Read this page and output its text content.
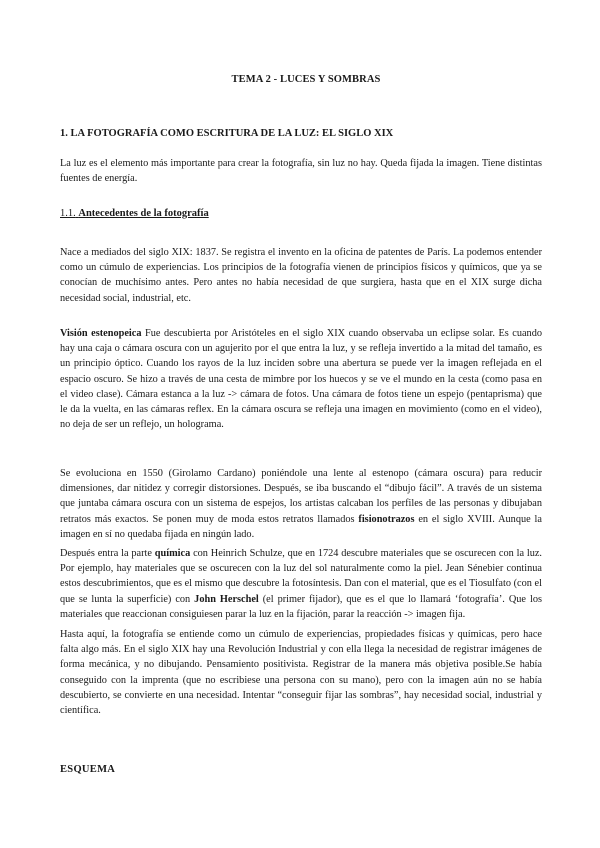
TEMA 2 - LUCES Y SOMBRAS
1. LA FOTOGRAFÍA COMO ESCRITURA DE LA LUZ: EL SIGLO XIX
La luz es el elemento más importante para crear la fotografía, sin luz no hay. Queda fijada la imagen. Tiene distintas fuentes de energía.
1.1. Antecedentes de la fotografía
Nace a mediados del siglo XIX: 1837. Se registra el invento en la oficina de patentes de París. La podemos entender como un cúmulo de experiencias. Los principios de la fotografía vienen de principios físicos y químicos, que ya se conocían de muchísimo antes. Pero antes no había necesidad de que surgiera, hasta que en el XIX surge dicha necesidad social, industrial, etc.
Visión estenopeica Fue descubierta por Aristóteles en el siglo XIX cuando observaba un eclipse solar. Es cuando hay una caja o cámara oscura con un agujerito por el que entra la luz, y se refleja invertido a la mitad del tamaño, es un principio óptico. Cuando los rayos de la luz inciden sobre una abertura se puede ver la imagen reflejada en el espacio oscuro. Se hizo a través de una cesta de mimbre por los huecos y se ve el mundo en la cesta (como pasa en el video clase). Cámara estanca a la luz -> cámara de fotos. Una cámara de fotos tiene un espejo (pentaprisma) que le da la vuelta, en las cámaras reflex. En la cámara oscura se refleja una imagen en movimiento (como en el video), no deja de ser un reflejo, un holograma.
Se evoluciona en 1550 (Girolamo Cardano) poniéndole una lente al estenopo (cámara oscura) para reducir dimensiones, dar nitidez y corregir distorsiones. Después, se iba buscando el “dibujo fácil”. A través de un sistema que juntaba cámara oscura con un sistema de espejos, los artistas calcaban los perfiles de las personas y dibujaban retratos más exactos. Se ponen muy de moda estos retratos llamados fisionotrazos en el siglo XVIII. Aunque la imagen en sí no quedaba fijada en ningún lado.
Después entra la parte química con Heinrich Schulze, que en 1724 descubre materiales que se oscurecen con la luz. Por ejemplo, hay materiales que se oscurecen con la luz del sol naturalmente como la piel. Jean Sénebier continua estos descubrimientos, que es el mismo que descubre la fotosíntesis. Dan con el material, que es el Tiosulfato (con el que se lunta la superficie) con John Herschel (el primer fijador), que es el que lo llamará ‘fotografía’. Que los materiales que reaccionan consiguiesen parar la luz en la fijación, parar la reacción -> imagen fija.
Hasta aquí, la fotografía se entiende como un cúmulo de experiencias, propiedades físicas y químicas, pero hace falta algo más. En el siglo XIX hay una Revolución Industrial y con ella llega la necesidad de registrar imágenes de forma mecánica, y no dibujando. Pensamiento positivista. Registrar de la manera más objetiva posible.Se había conseguido con la imprenta (que no escribiese una persona con su mano), pero con la imagen aún no se había descubierto, se convierte en una necesidad. Intentar “conseguir fijar las sombras”, hay necesidad social, industrial y científica.
ESQUEMA
